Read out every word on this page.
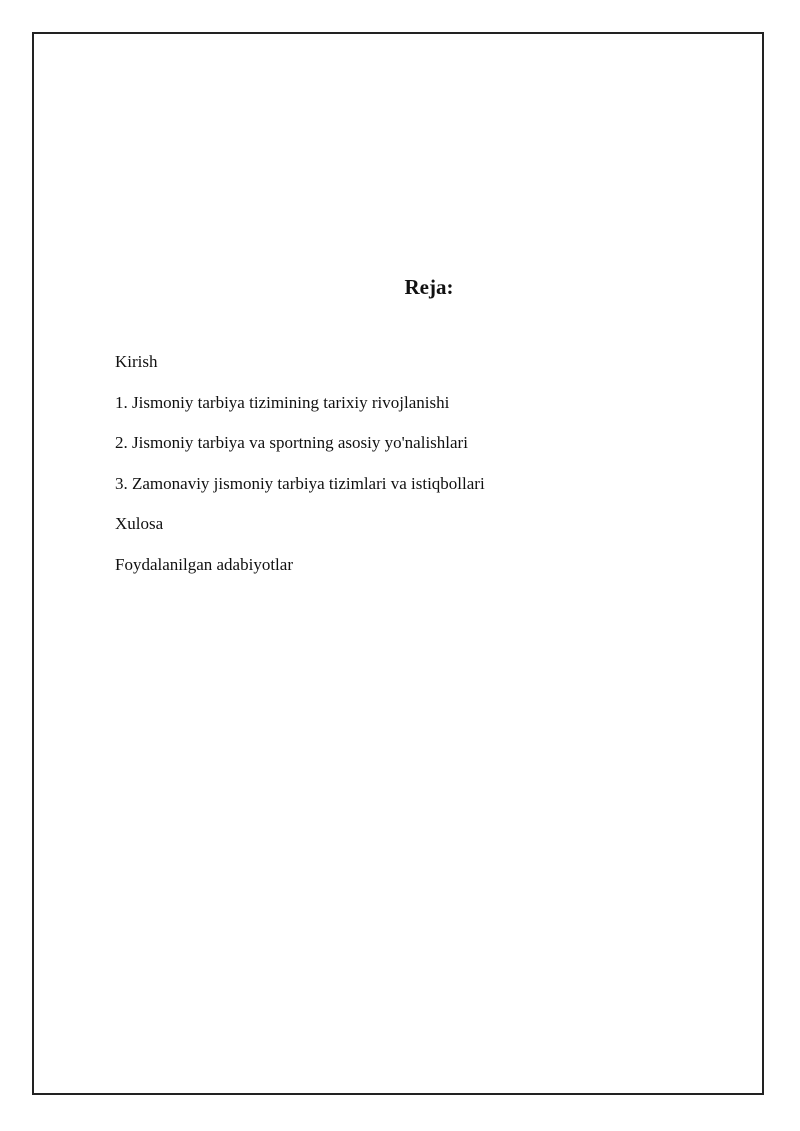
Reja:
Kirish
1. Jismoniy tarbiya tizimining tarixiy rivojlanishi
2. Jismoniy tarbiya va sportning asosiy yo'nalishlari
3. Zamonaviy jismoniy tarbiya tizimlari va istiqbollari
Xulosa
Foydalanilgan adabiyotlar
